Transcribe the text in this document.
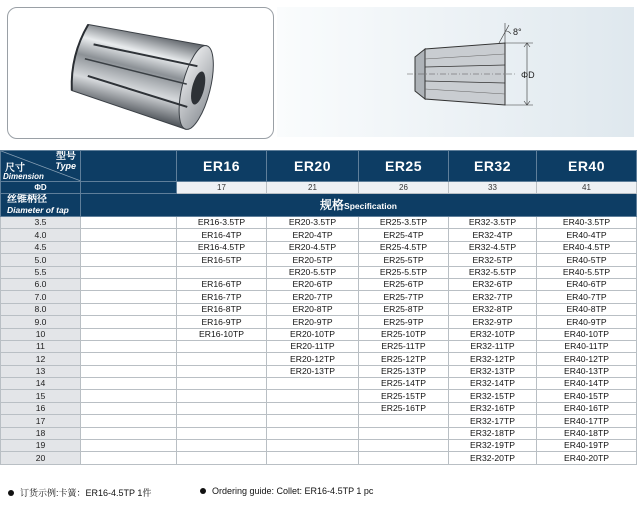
8°
ΦD
型号
Type
尺寸
Dimension		ER16	ER20	ER25	ER32	ER40
ΦD		17	21	26	33	41

丝锥柄径
Diameter of tap	规格Specification					
3.5		ER16-3.5TP	ER20-3.5TP	ER25-3.5TP	ER32-3.5TP	ER40-3.5TP
4.0		ER16-4TP	ER20-4TP	ER25-4TP	ER32-4TP	ER40-4TP
4.5		ER16-4.5TP	ER20-4.5TP	ER25-4.5TP	ER32-4.5TP	ER40-4.5TP
5.0		ER16-5TP	ER20-5TP	ER25-5TP	ER32-5TP	ER40-5TP
5.5			ER20-5.5TP	ER25-5.5TP	ER32-5.5TP	ER40-5.5TP
6.0		ER16-6TP	ER20-6TP	ER25-6TP	ER32-6TP	ER40-6TP
7.0		ER16-7TP	ER20-7TP	ER25-7TP	ER32-7TP	ER40-7TP
8.0		ER16-8TP	ER20-8TP	ER25-8TP	ER32-8TP	ER40-8TP
9.0		ER16-9TP	ER20-9TP	ER25-9TP	ER32-9TP	ER40-9TP
10		ER16-10TP	ER20-10TP	ER25-10TP	ER32-10TP	ER40-10TP
11			ER20-11TP	ER25-11TP	ER32-11TP	ER40-11TP
12			ER20-12TP	ER25-12TP	ER32-12TP	ER40-12TP
13			ER20-13TP	ER25-13TP	ER32-13TP	ER40-13TP
14				ER25-14TP	ER32-14TP	ER40-14TP
15				ER25-15TP	ER32-15TP	ER40-15TP
16				ER25-16TP	ER32-16TP	ER40-16TP
17					ER32-17TP	ER40-17TP
18					ER32-18TP	ER40-18TP
19					ER32-19TP	ER40-19TP
20					ER32-20TP	ER40-20TP
订货示例:卡簧：ER16-4.5TP 1件	Ordering guide: Collet: ER16-4.5TP 1 pc
